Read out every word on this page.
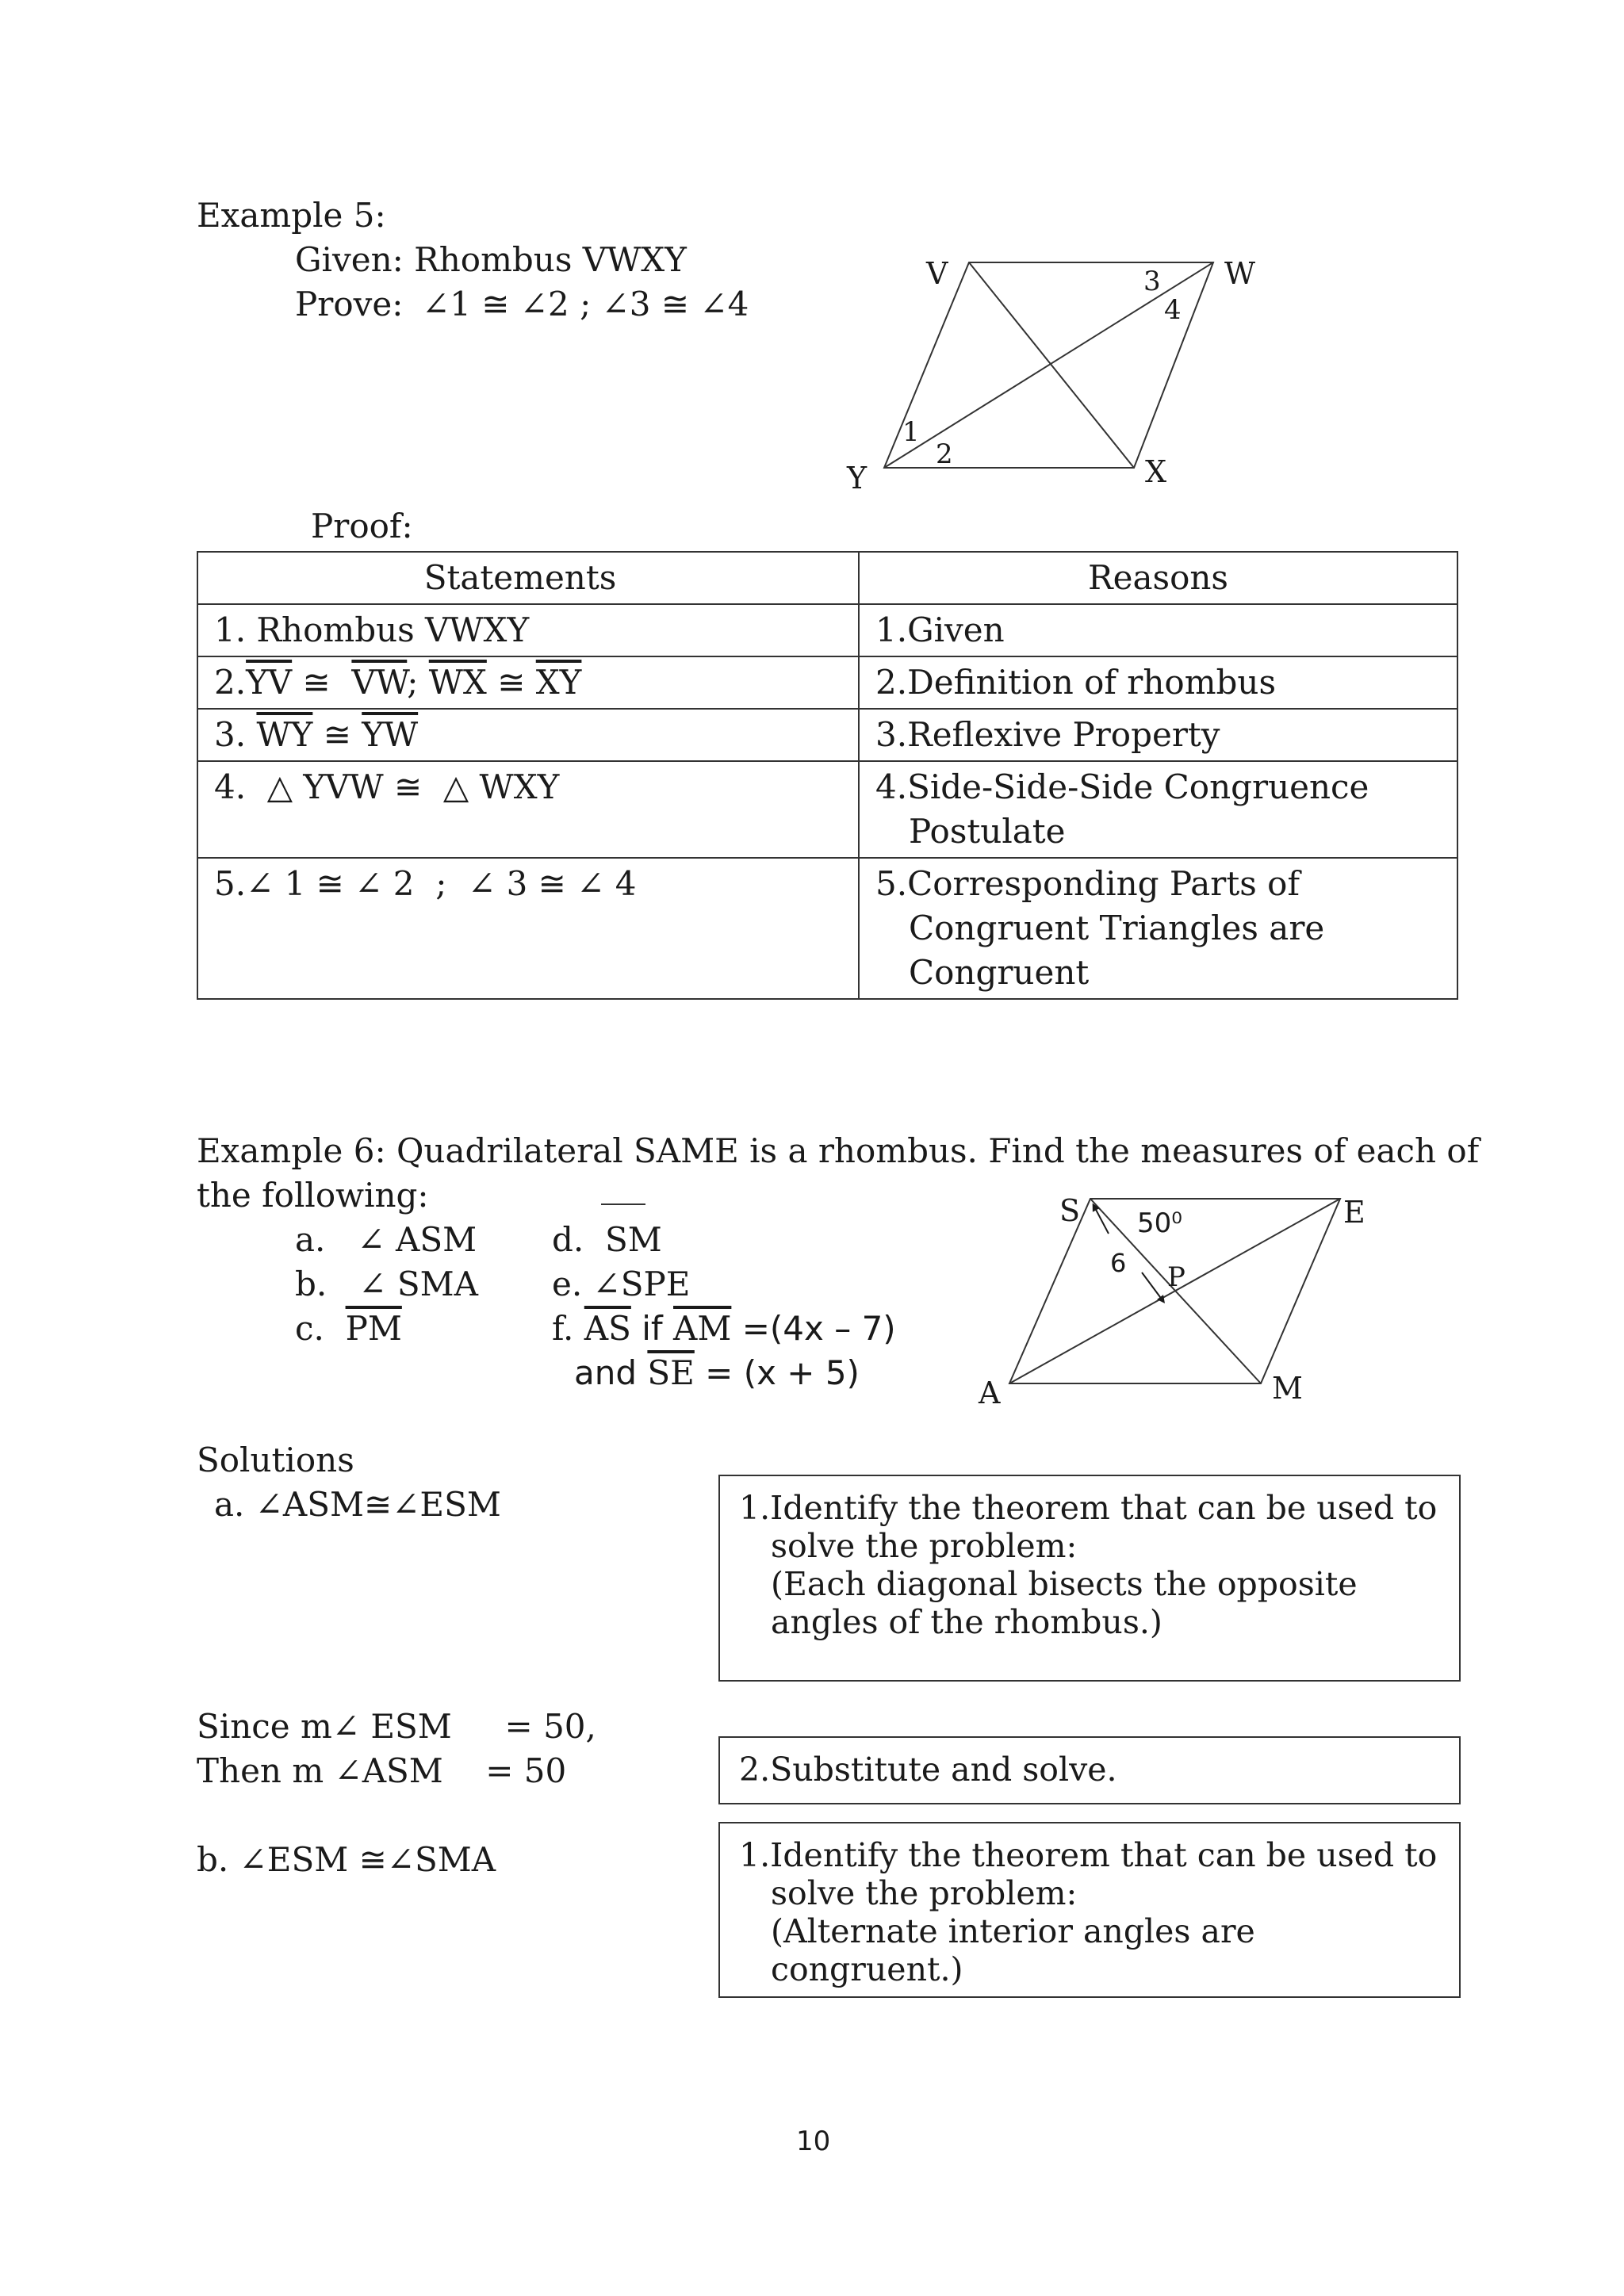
Example 5:
Given: Rhombus VWXY
Prove: ∠1 ≅ ∠2 ; ∠3 ≅ ∠4
V	W
X
Y
1
2
3
4
Proof:
Statements	Reasons
1. Rhombus VWXY	1.Given

$2.\overline{YV}$ ≅  $\overline{VW}$; $\overline{WX}$ ≅ $\overline{XY}$	2.Definition of rhombus

3. $\overline{WY}$ ≅ $\overline{YW}$	3.Reflexive Property

4.  △ YVW ≅  △ WXY	4.Side-Side-Side Congruence Postulate

5.∠ 1 ≅ ∠ 2  ;  ∠ 3 ≅ ∠ 4	5.Corresponding Parts of Congruent Triangles are Congruent
Example 6: Quadrilateral SAME is a rhombus. Find the measures of each of
the following:
a.   ∠ ASM
b.   ∠ SMA
c.  $\overline{PM}$
d.  SM
e. ∠SPE
f. $\overline{AS}$ if $\overline{AM} =(4x - 7)$
and $\overline{SE} = (x + 5)$
S	E
A	M
P
50⁰
6
Solutions
a. ∠ASM≅∠ESM	1.Identify the theorem that can be used to solve the problem:
(Each diagonal bisects the opposite angles of the rhombus.)
Since m∠ ESM     = 50,
Then m ∠ASM    = 50	2.Substitute and solve.
b. ∠ESM ≅∠SMA	1.Identify the theorem that can be used to solve the problem:
(Alternate interior angles are congruent.)
10
